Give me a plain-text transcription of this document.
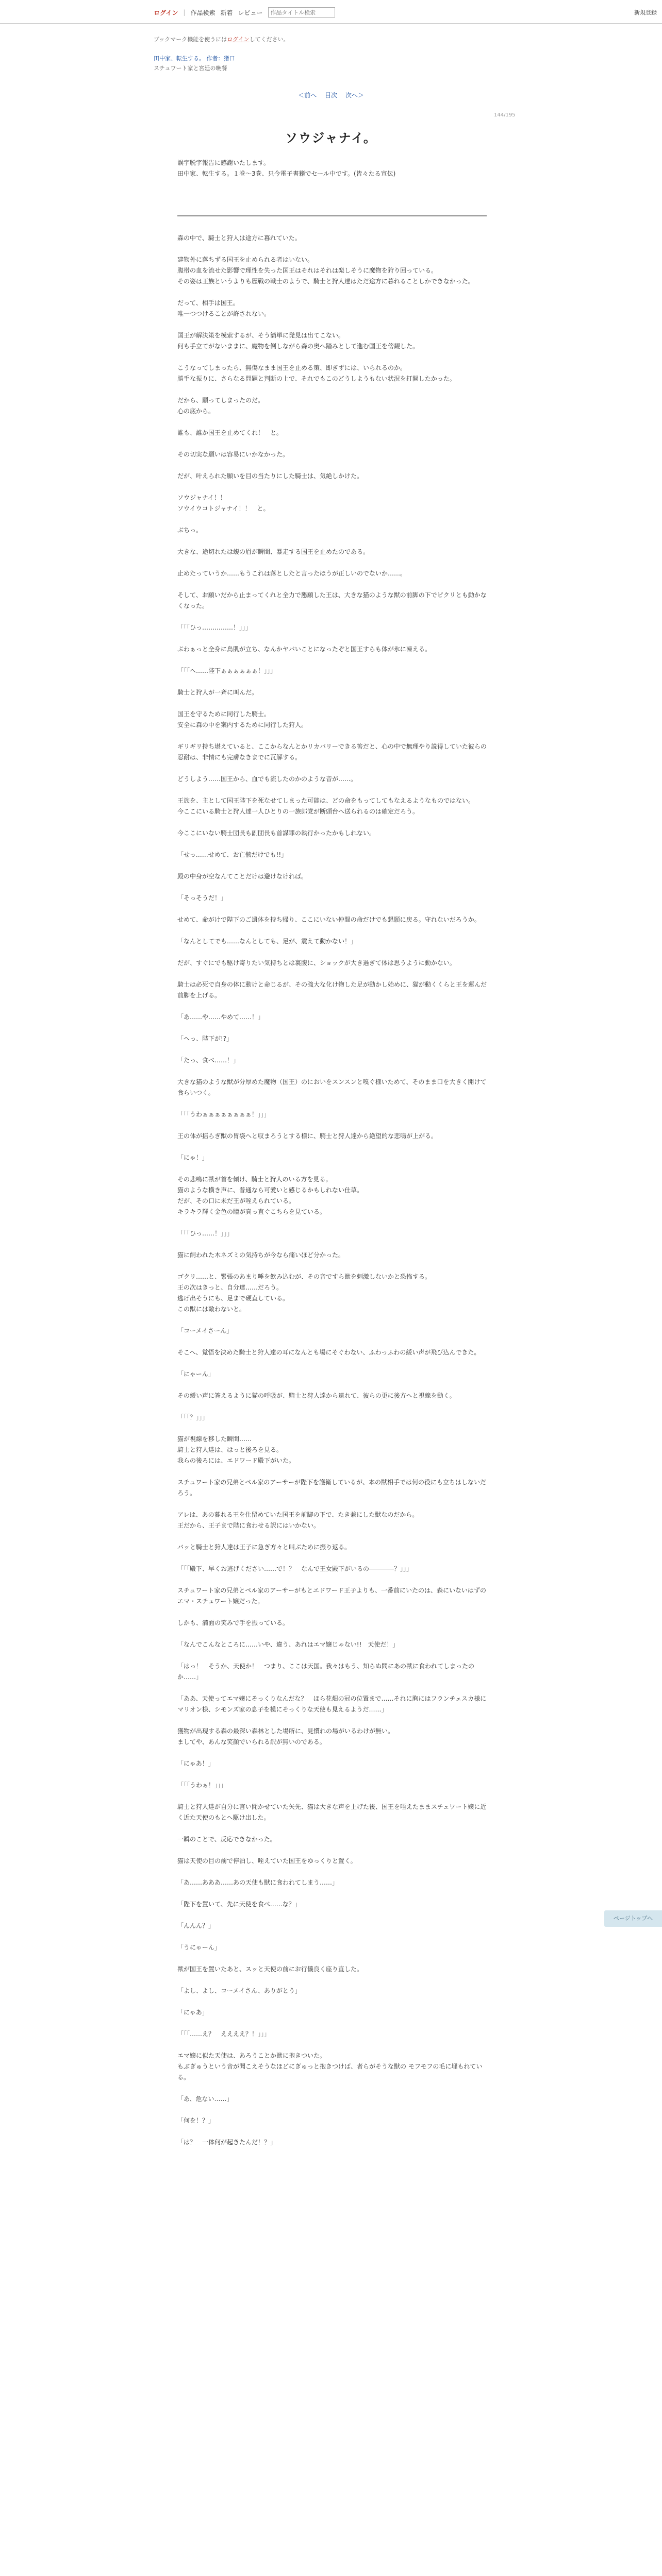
ログイン | 作品検索 新着 レビュー
作品タイトル検索	新規登録
ブックマーク機能を使うにはログインしてください。
田中家、転生する。 作者：猪口
スチュワート家と宮廷の晩餐
＜前へ 目次 次へ＞
144/195
ソウジャナイ。
誤字脱字報告に感謝いたします。
田中家、転生する。１巻〜3巻、只今電子書籍でセール中です。(皆々たる宣伝)

森の中で、騎士と狩人は途方に暮れていた。

建物外に落ちずる国王を止められる者はいない。
腹帯の血を流せた影響で理性を失った国王はそれはそれは楽しそうに魔物を狩り回っている。
その姿は王族というよりも歴戦の戦士のようで、騎士と狩人達はただ途方に暮れることしかできなかった。

だって、相手は国王。
唯一つつけることが許されない。

国王が解決策を模索するが、そう簡単に発見は出てこない。
何も手立てがないままに、魔物を倒しながら森の奥へ踏みとして進む国王を傍観した。

こうなってしまったら、無傷なまま国王を止める策、即ぎずには、いられるのか。
勝手な振りに、さらなる問題と判断の上で、それでもこのどうしようもない状況を打開したかった。

だから、願ってしまったのだ。
心の底から。

誰も、誰か国王を止めてくれ！　と。

その切実な願いは容易にいかなかった。

だが、叶えられた願いを目の当たりにした騎士は、気絶しかけた。

ソウジャナイ！！
ソウイウコトジャナイ！！　と。

ぶちっ。

大きな、途切れたは蝮の眉が瞬間、暴走する国王を止めたのである。

止めたっていうか……もうこれは落としたと言ったほうが正しいのでないか……。

そして、お願いだから止まってくれと全力で懇願した王は、大きな猫のような獣の前脚の下でピクリとも動かなくなった。

「「「ひっ……………！」」」

ぷわぁっと全身に鳥肌が立ち、なんかヤバいことになったぞと国王すらも体が氷に凍える。

「「「へ……陛下ぁぁぁぁぁぁ！」」」

騎士と狩人が一斉に叫んだ。

国王を守るために同行した騎士。
安全に森の中を案内するために同行した狩人。

ギリギリ持ち堪えていると、ここからなんとかリカバリーできる筈だと、心の中で無理やり説得していた彼らの忍耐は、非情にも完膚なきまでに瓦解する。

どうしよう……国王から、血でも流したのかのような音が……。

王族を、主として国王陛下を死なせてしまった可能は、どの命をもってしてもなえるようなものではない。
今ここにいる騎士と狩人達一人ひとりの一族郎党が断頭台へ送られるのは確定だろう。

今ここにいない騎士団長も副団長も首謀罪の執行かったかもしれない。

「せっ……せめて、お亡骸だけでも!!」

殿の中身が空なんてことだけは避けなければ。

「そっそうだ！」

せめて、命がけで陛下のご遺体を持ち帰り、ここにいない仲間の命だけでも懇願に戻る。守れないだろうか。

「なんとしてでも……なんとしても、足が、震えて動かない！」

だが、すぐにでも駆け寄りたい気持ちとは裏腹に、ショックが大き過ぎて体は思うように動かない。

騎士は必死で自身の体に動けと命じるが、その強大な化け物した足が動かし始めに、猫が動くくらと王を運んだ前脚を上げる。

「あ……や……やめて……！」

「へっ、陛下が!?」

「たっ、食べ……！」

大きな猫のような獣が分厚めた魔物（国王）のにおいをスンスンと嗅ぐ様いためて、そのまま口を大きく開けて食らいつく。

「「「うわぁぁぁぁぁぁぁぁ！」」」

王の体が揺らぎ獣の胃袋へと収まろうとする様に、騎士と狩人達から絶望的な悲鳴が上がる。

「にゃ！」

その悲鳴に獣が首を傾け、騎士と狩人のいる方を見る。
猫のような横き声に、普通なら可愛いと感じるかもしれない仕草。
だが、その口に未だ王が咥えられている。
キラキラ輝く金色の瞳が真っ直ぐこちらを見ている。

「「「ひっ……！」」」

猫に飼われた木ネズミの気持ちが今なら痛いほど分かった。

ゴクリ……と、緊張のあまり唾を飲み込むが、その音ですら獣を刺激しないかと恐怖する。
王の次はきっと、自分達……だろう。
逃げ出そうにも、足まで硬直している。
この獣には敵わないと。

「コーメイさーん」

そこへ、覚悟を決めた騎士と狩人達の耳になんとも場にそぐわない、ふわっふわの緩い声が飛び込んできた。

「にゃーん」

その緩い声に答えるように猫の呼吸が、騎士と狩人達から遠れて、彼らの更に後方へと視線を動く。

「「「？」」」

猫が視線を移した瞬間……
騎士と狩人達は、はっと後ろを見る。
我らの後ろには、エドワード殿下がいた。

スチュワート家の兄弟とペル家のアーサーが陛下を護衛しているが、本の獣相手では何の役にも立ちはしないだろう。

アレは、あの暮れる王を仕留めていた国王を前脚の下で、たき兼にした獣なのだから。
王だから、王子まで陛に食わせる訳にはいかない。

バッと騎士と狩人達は王子に急ぎ方々と叫ぶために振り返る。

「「「殿下、早くお逃げください……で！？　なんで王女殿下がいるの――――？」」」

スチュワート家の兄弟とペル家のアーサーがもとエドワード王子よりも、一番前にいたのは、森にいないはずのエマ・スチュワート嬢だった。

しかも、満面の笑みで手を振っている。

「なんでこんなところに……いや、違う、あれはエマ嬢じゃない!!　天使だ！」

「はっ！　そうか、天使か！　つまり、ここは天国。我々はもう、知らぬ間にあの獣に食われてしまったのか……」

「ああ、天使ってエマ嬢にそっくりなんだな？　ほら花畑の冠の位置まで……それに胸にはフランチェスカ様にマリオン様、シモンズ家の息子を模にそっくりな天使も見えるようだ……」

獲物が出現する森の最深い森林とした場所に、見慣れの場がいるわけが無い。
ましてや、あんな笑顔でいられる訳が無いのである。

「にゃあ！」

「「「うわぁ！」」」

騎士と狩人達が自分に言い聞かせていた矢先、猫は大きな声を上げた後、国王を咥えたままスチュワート嬢に近く近た天使のもとへ駆け出した。

一瞬のことで、反応できなかった。

猫は天使の目の前で停泊し、咥えていた国王をゆっくりと置く。

「あ……あああ……あの天使も獣に食われてしまう……」

「陛下を置いて、先に天使を食べ……な？」

「んんん？」

「うにゃーん」

獣が国王を置いたあと、スッと天使の前にお行儀良く座り直した。

「よし、よし、コーメイさん、ありがとう」

「にゃあ」

「「「……え？　ええええ？！」」」

エマ嬢に似た天使は、あろうことか獣に抱きついた。
もぶぎゅうという音が聞こえそうなほどにぎゅっと抱きつけば、者らがそうな獣の モフモフの毛に埋もれている。

「あ、危ない……」

「何を！？」

「は？　一体何が起きたんだ！？」

ページトップへ
